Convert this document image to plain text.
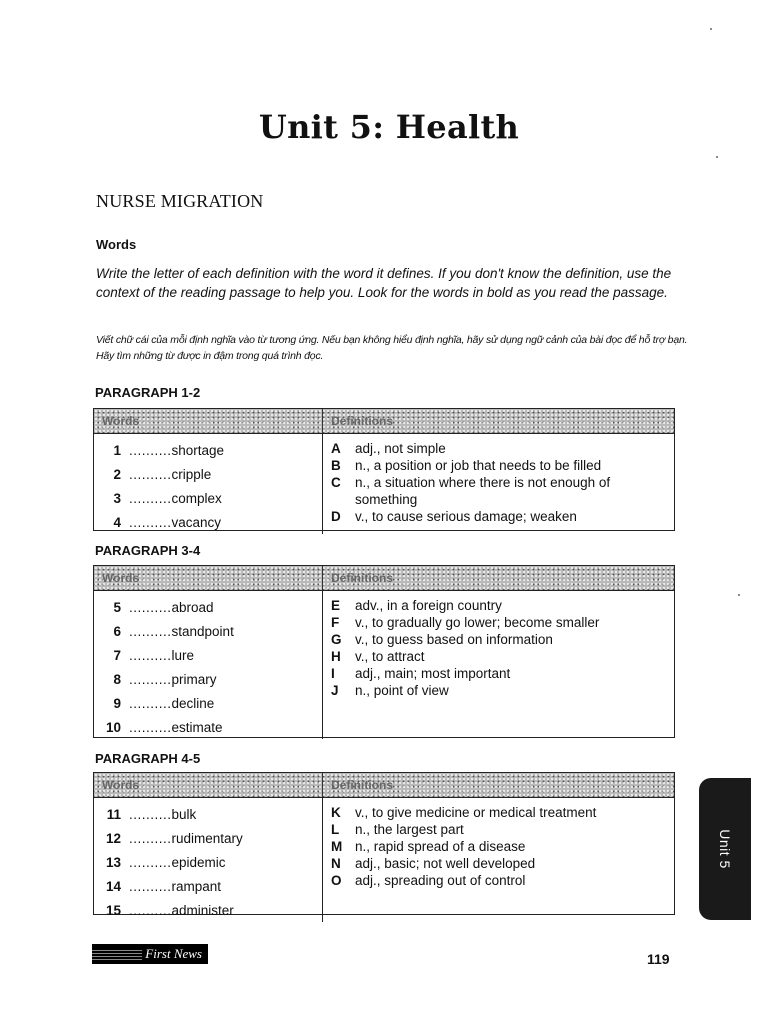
Unit 5: Health
NURSE MIGRATION
Words
Write the letter of each definition with the word it defines. If you don't know the definition, use the context of the reading passage to help you. Look for the words in bold as you read the passage.
Viết chữ cái của mỗi định nghĩa vào từ tương ứng. Nếu bạn không hiểu định nghĩa, hãy sử dụng ngữ cảnh của bài đọc để hỗ trợ bạn. Hãy tìm những từ được in đậm trong quá trình đọc.
PARAGRAPH 1-2
Words	Definitions
1 .......... shortage
2 .......... cripple
3 .......... complex
4 .......... vacancy
A	adj., not simple
B	n., a position or job that needs to be filled
C	n., a situation where there is not enough of something
D	v., to cause serious damage; weaken
PARAGRAPH 3-4
Words	Definitions
5 .......... abroad
6 .......... standpoint
7 .......... lure
8 .......... primary
9 .......... decline
10 .......... estimate
E	adv., in a foreign country
F	v., to gradually go lower; become smaller
G v., to guess based on information
H	v., to attract
I	adj., main; most important
J	n., point of view
PARAGRAPH 4-5
Words	Definitions
11 .......... bulk
12 .......... rudimentary
13 .......... epidemic
14 .......... rampant
15 .......... administer
K	v., to give medicine or medical treatment
L	n., the largest part
M n., rapid spread of a disease
N	adj., basic; not well developed
O adj., spreading out of control
First News	119
Unit 5
